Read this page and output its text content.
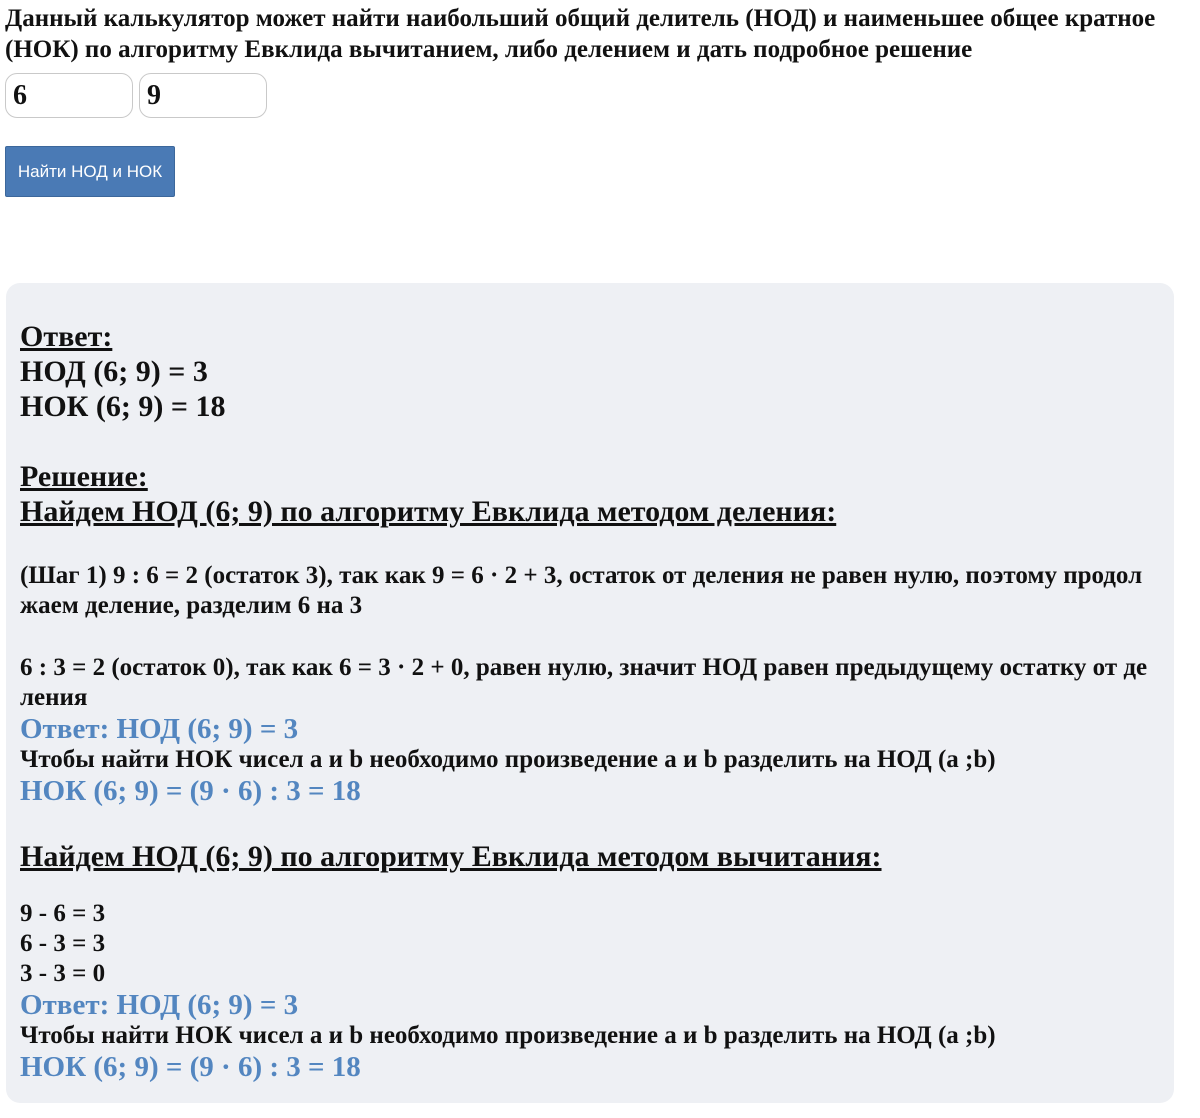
Данный калькулятор может найти наибольший общий делитель (НОД) и наименьшее общее кратное (НОК) по алгоритму Евклида вычитанием, либо делением и дать подробное решение

6
9
Найти НОД и НОК
Ответ:
НОД (6; 9) = 3
НОК (6; 9) = 18
Решение:
Найдем НОД (6; 9) по алгоритму Евклида методом деления:
(Шаг 1) 9 : 6 = 2 (остаток 3), так как 9 = 6 · 2 + 3, остаток от деления не равен нулю, поэтому продолжаем деление, разделим 6 на 3
6 : 3 = 2 (остаток 0), так как 6 = 3 · 2 + 0, равен нулю, значит НОД равен предыдущему остатку от деления
Ответ: НОД (6; 9) = 3
Чтобы найти НОК чисел a и b необходимо произведение a и b разделить на НОД (a ;b)
НОК (6; 9) = (9 · 6) : 3 = 18
Найдем НОД (6; 9) по алгоритму Евклида методом вычитания:
9 - 6 = 3
6 - 3 = 3
3 - 3 = 0
Ответ: НОД (6; 9) = 3
Чтобы найти НОК чисел a и b необходимо произведение a и b разделить на НОД (a ;b)
НОК (6; 9) = (9 · 6) : 3 = 18
